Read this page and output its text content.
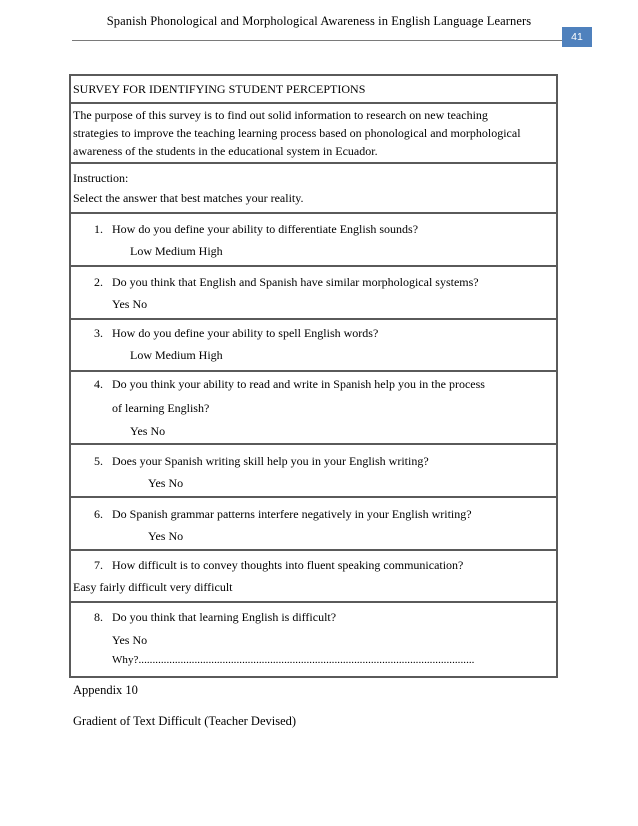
Spanish Phonological and Morphological Awareness in English Language Learners
41
SURVEY FOR IDENTIFYING STUDENT PERCEPTIONS
The purpose of this survey is to find out solid information to research on new teaching
strategies to improve the teaching learning process based on phonological and morphological
awareness of the students in the educational system in Ecuador.
Instruction:
Select the answer that best matches your reality.
1. How do you define your ability to differentiate English sounds?
Low Medium High
2. Do you think that English and Spanish have similar morphological systems?
Yes No
3. How do you define your ability to spell English words?
Low Medium High
4. Do you think your ability to read and write in Spanish help you in the process
of learning English?
Yes No
5. Does your Spanish writing skill help you in your English writing?
Yes No
6. Do Spanish grammar patterns interfere negatively in your English writing?
Yes No
7. How difficult is to convey thoughts into fluent speaking communication?
Easy fairly difficult very difficult
8. Do you think that learning English is difficult?
Yes No
Why?........................................................................................................................
Appendix 10
Gradient of Text Difficult (Teacher Devised)
